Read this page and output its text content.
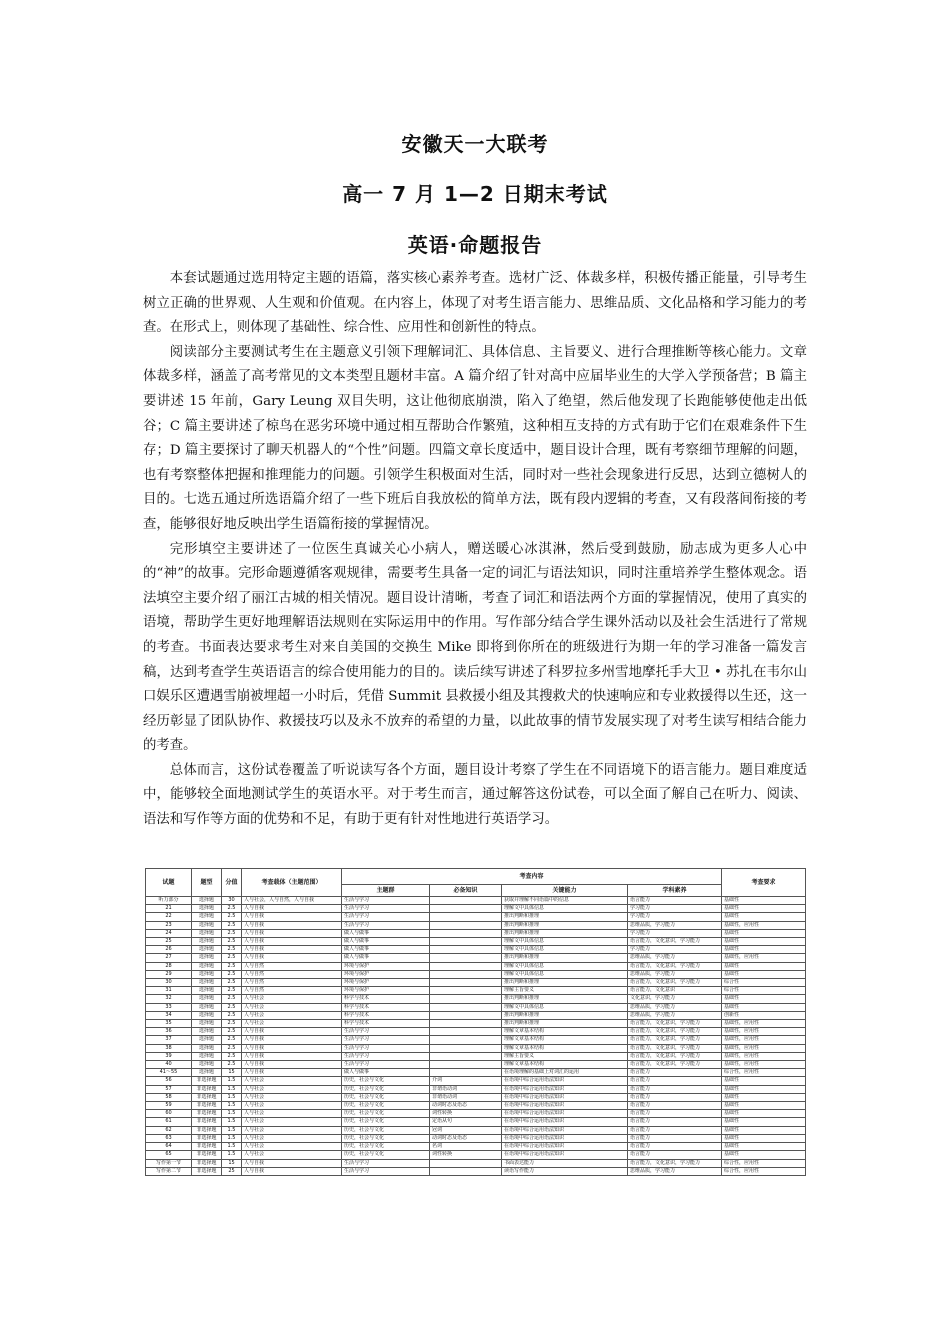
安徽天一大联考
高一 7 月 1—2 日期末考试
英语·命题报告

本套试题通过选用特定主题的语篇，落实核心素养考查。选材广泛、体裁多样，积极传播正能量，引导考生树立正确的世界观、人生观和价值观。在内容上，体现了对考生语言能力、思维品质、文化品格和学习能力的考查。在形式上，则体现了基础性、综合性、应用性和创新性的特点。

阅读部分主要测试考生在主题意义引领下理解词汇、具体信息、主旨要义、进行合理推断等核心能力。文章体裁多样，涵盖了高考常见的文本类型且题材丰富。A 篇介绍了针对高中应届毕业生的大学入学预备营；B 篇主要讲述 15 年前，Gary Leung 双目失明，这让他彻底崩溃，陷入了绝望，然后他发现了长跑能够使他走出低谷；C 篇主要讲述了椋鸟在恶劣环境中通过相互帮助合作繁殖，这种相互支持的方式有助于它们在艰难条件下生存；D 篇主要探讨了聊天机器人的“个性”问题。四篇文章长度适中，题目设计合理，既有考察细节理解的问题，也有考察整体把握和推理能力的问题。引领学生积极面对生活，同时对一些社会现象进行反思，达到立德树人的目的。七选五通过所选语篇介绍了一些下班后自我放松的简单方法，既有段内逻辑的考查，又有段落间衔接的考查，能够很好地反映出学生语篇衔接的掌握情况。

完形填空主要讲述了一位医生真诚关心小病人，赠送暖心冰淇淋，然后受到鼓励，励志成为更多人心中的“神”的故事。完形命题遵循客观规律，需要考生具备一定的词汇与语法知识，同时注重培养学生整体观念。语法填空主要介绍了丽江古城的相关情况。题目设计清晰，考查了词汇和语法两个方面的掌握情况，使用了真实的语境，帮助学生更好地理解语法规则在实际运用中的作用。写作部分结合学生课外活动以及社会生活进行了常规的考查。书面表达要求考生对来自美国的交换生 Mike 即将到你所在的班级进行为期一年的学习准备一篇发言稿，达到考查学生英语语言的综合使用能力的目的。读后续写讲述了科罗拉多州雪地摩托手大卫 • 苏扎在韦尔山口娱乐区遭遇雪崩被埋超一小时后，凭借 Summit 县救援小组及其搜救犬的快速响应和专业救援得以生还，这一经历彰显了团队协作、救援技巧以及永不放弃的希望的力量，以此故事的情节发展实现了对考生读写相结合能力的考查。

总体而言，这份试卷覆盖了听说读写各个方面，题目设计考察了学生在不同语境下的语言能力。题目难度适中，能够较全面地测试学生的英语水平。对于考生而言，通过解答这份试卷，可以全面了解自己在听力、阅读、语法和写作等方面的优势和不足，有助于更有针对性地进行英语学习。

试题	题型	分值	考查载体（主题范围）	考查内容				考查要求
				主题群	必备知识	关键能力	学科素养	
听力部分	选择题	30	人与社会，人与自然，人与自我	生活与学习		获取并理解不同语篇中的信息	语言能力	基础性
21	选择题	2.5	人与自我	生活与学习		理解文中具体信息	学习能力	基础性
22	选择题	2.5	人与自我	生活与学习		推出判断和推理	学习能力	基础性
23	选择题	2.5	人与自我	生活与学习		推出判断和推理	思维品质，学习能力	基础性，应用性
24	选择题	2.5	人与自我	做人与做事		推出判断和推理	学习能力	基础性
25	选择题	2.5	人与自我	做人与做事		理解文中具体信息	语言能力，文化意识，学习能力	基础性
26	选择题	2.5	人与自我	做人与做事		理解文中具体信息	学习能力	基础性
27	选择题	2.5	人与自我	做人与做事		推出判断和推理	思维品质，学习能力	基础性，应用性
28	选择题	2.5	人与自然	环境与保护		理解文中具体信息	语言能力，文化意识，学习能力	基础性
29	选择题	2.5	人与自然	环境与保护		理解文中具体信息	思维品质，学习能力	基础性
30	选择题	2.5	人与自然	环境与保护		推出判断和推理	语言能力，文化意识，学习能力	综合性
31	选择题	2.5	人与自然	环境与保护		理解主旨要义	语言能力，文化意识	综合性
32	选择题	2.5	人与社会	科学与技术		推出判断和推理	文化意识，学习能力	基础性
33	选择题	2.5	人与社会	科学与技术		理解文中具体信息	思维品质，学习能力	基础性
34	选择题	2.5	人与社会	科学与技术		推出判断和推理	思维品质，学习能力	创新性
35	选择题	2.5	人与社会	科学与技术		推出判断和推理	语言能力，文化意识，学习能力	基础性，应用性
36	选择题	2.5	人与自我	生活与学习		理解文章基本结构	语言能力，文化意识，学习能力	基础性，应用性
37	选择题	2.5	人与自我	生活与学习		理解文章基本结构	语言能力，文化意识，学习能力	基础性，应用性
38	选择题	2.5	人与自我	生活与学习		理解文章基本结构	语言能力，文化意识，学习能力	基础性，应用性
39	选择题	2.5	人与自我	生活与学习		理解主旨要义	语言能力，文化意识，学习能力	基础性，应用性
40	选择题	2.5	人与自我	生活与学习		理解文章基本结构	语言能力，文化意识，学习能力	基础性，应用性
41～55	选择题	15	人与自我	做人与做事		在语境理解的基础上对词汇的运用	语言能力	综合性，应用性
56	非选择题	1.5	人与社会	历史，社会与文化	介词	在语境中综合运用语法知识	语言能力	基础性
57	非选择题	1.5	人与社会	历史，社会与文化	非谓语动词	在语境中综合运用语法知识	语言能力	基础性
58	非选择题	1.5	人与社会	历史，社会与文化	非谓语动词	在语境中综合运用语法知识	语言能力	基础性
59	非选择题	1.5	人与社会	历史，社会与文化	动词时态及语态	在语境中综合运用语法知识	语言能力	基础性
60	非选择题	1.5	人与社会	历史，社会与文化	词性转换	在语境中综合运用语法知识	语言能力	基础性
61	非选择题	1.5	人与社会	历史，社会与文化	定语从句	在语境中综合运用语法知识	语言能力	基础性
62	非选择题	1.5	人与社会	历史，社会与文化	冠词	在语境中综合运用语法知识	语言能力	基础性
63	非选择题	1.5	人与社会	历史，社会与文化	动词时态及语态	在语境中综合运用语法知识	语言能力	基础性
64	非选择题	1.5	人与社会	历史，社会与文化	名词	在语境中综合运用语法知识	语言能力	基础性
65	非选择题	1.5	人与社会	历史，社会与文化	词性转换	在语境中综合运用语法知识	语言能力	基础性
写作第一节	非选择题	15	人与自我	生活与学习		书面表达能力	语言能力，文化意识，学习能力	综合性，应用性
写作第二节	非选择题	25	人与自我	生活与学习		读语写作能力	思维品质，学习能力	综合性，应用性
